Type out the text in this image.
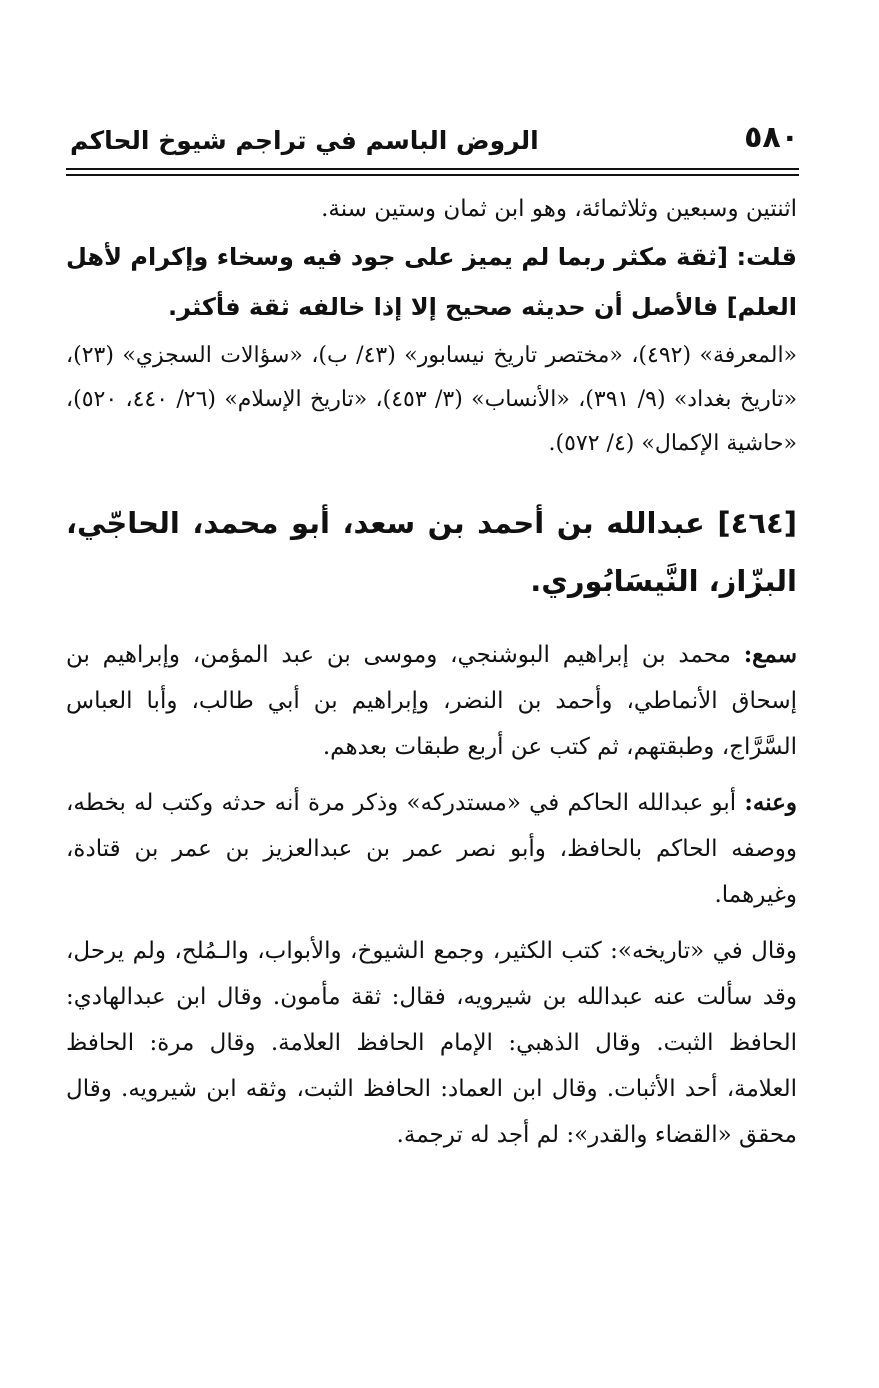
٥٨٠
الروض الباسم في تراجم شيوخ الحاكم

اثنتين وسبعين وثلاثمائة، وهو ابن ثمان وستين سنة.

قلت: [ثقة مكثر ربما لم يميز على جود فيه وسخاء وإكرام لأهل العلم] فالأصل أن حديثه صحيح إلا إذا خالفه ثقة فأكثر.

«المعرفة» (٤٩٢)، «مختصر تاريخ نيسابور» (٤٣/ ب)، «سؤالات السجزي» (٢٣)، «تاريخ بغداد» (٩/ ٣٩١)، «الأنساب» (٣/ ٤٥٣)، «تاريخ الإسلام» (٢٦/ ٤٤٠، ٥٢٠)، «حاشية الإكمال» (٤/ ٥٧٢).

[٤٦٤] عبدالله بن أحمد بن سعد، أبو محمد، الحاجّي، البزّاز، النَّيسَابُوري.

سمع: محمد بن إبراهيم البوشنجي، وموسى بن عبد المؤمن، وإبراهيم بن إسحاق الأنماطي، وأحمد بن النضر، وإبراهيم بن أبي طالب، وأبا العباس السَّرَّاج، وطبقتهم، ثم كتب عن أربع طبقات بعدهم.

وعنه: أبو عبدالله الحاكم في «مستدركه» وذكر مرة أنه حدثه وكتب له بخطه، ووصفه الحاكم بالحافظ، وأبو نصر عمر بن عبدالعزيز بن عمر بن قتادة، وغيرهما.

وقال في «تاريخه»: كتب الكثير، وجمع الشيوخ، والأبواب، والـمُلح، ولم يرحل، وقد سألت عنه عبدالله بن شيرويه، فقال: ثقة مأمون. وقال ابن عبدالهادي: الحافظ الثبت. وقال الذهبي: الإمام الحافظ العلامة. وقال مرة: الحافظ العلامة، أحد الأثبات. وقال ابن العماد: الحافظ الثبت، وثقه ابن شيرويه. وقال محقق «القضاء والقدر»: لم أجد له ترجمة.
